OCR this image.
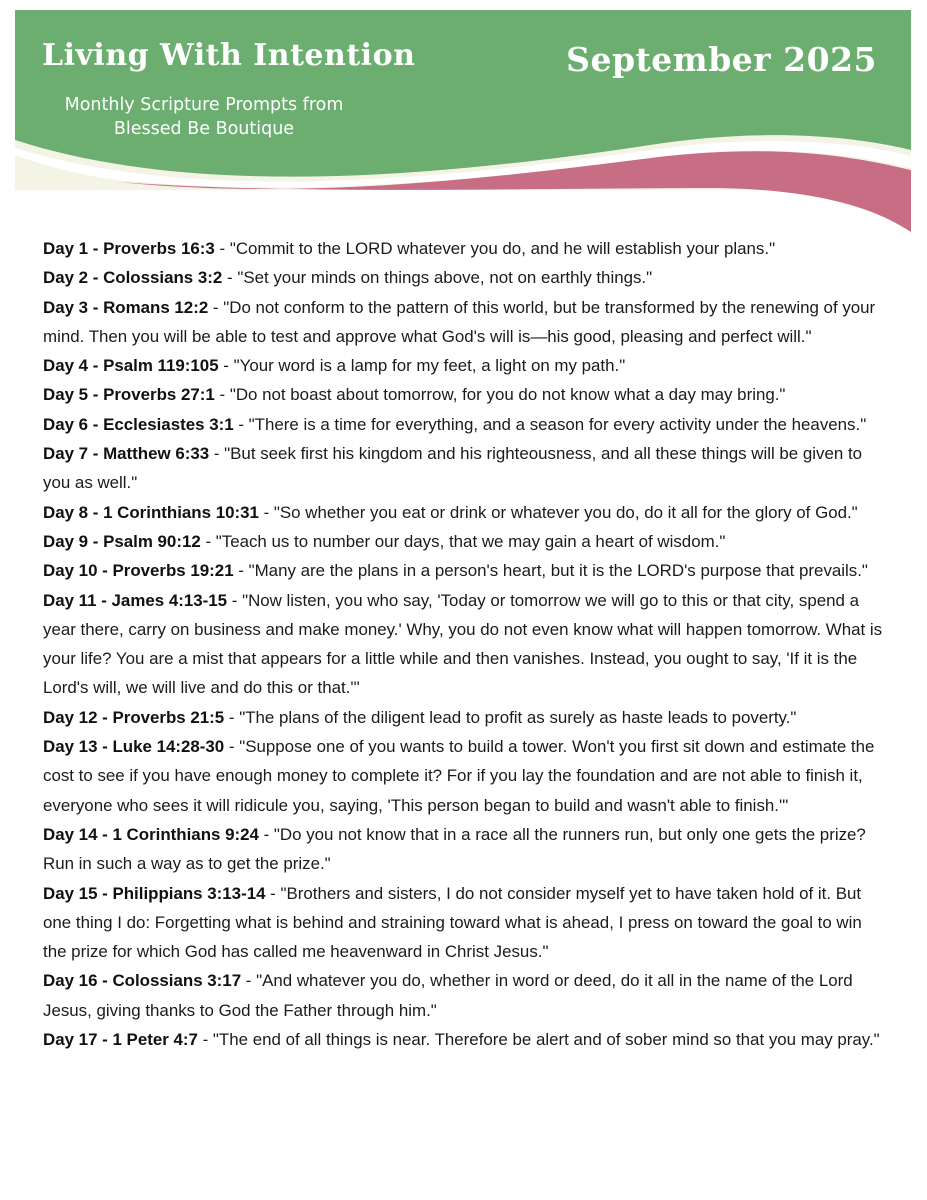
Living With Intention	September 2025
Monthly Scripture Prompts from Blessed Be Boutique

Day 1 - Proverbs 16:3 - "Commit to the LORD whatever you do, and he will establish your plans."

Day 2 - Colossians 3:2 - "Set your minds on things above, not on earthly things."

Day 3 - Romans 12:2 - "Do not conform to the pattern of this world, but be transformed by the renewing of your mind. Then you will be able to test and approve what God's will is—his good, pleasing and perfect will."

Day 4 - Psalm 119:105 - "Your word is a lamp for my feet, a light on my path."

Day 5 - Proverbs 27:1 - "Do not boast about tomorrow, for you do not know what a day may bring."

Day 6 - Ecclesiastes 3:1 - "There is a time for everything, and a season for every activity under the heavens."

Day 7 - Matthew 6:33 - "But seek first his kingdom and his righteousness, and all these things will be given to you as well."

Day 8 - 1 Corinthians 10:31 - "So whether you eat or drink or whatever you do, do it all for the glory of God."

Day 9 - Psalm 90:12 - "Teach us to number our days, that we may gain a heart of wisdom."

Day 10 - Proverbs 19:21 - "Many are the plans in a person's heart, but it is the LORD's purpose that prevails."

Day 11 - James 4:13-15 - "Now listen, you who say, 'Today or tomorrow we will go to this or that city, spend a year there, carry on business and make money.' Why, you do not even know what will happen tomorrow. What is your life? You are a mist that appears for a little while and then vanishes. Instead, you ought to say, 'If it is the Lord's will, we will live and do this or that.'"

Day 12 - Proverbs 21:5 - "The plans of the diligent lead to profit as surely as haste leads to poverty."

Day 13 - Luke 14:28-30 - "Suppose one of you wants to build a tower. Won't you first sit down and estimate the cost to see if you have enough money to complete it? For if you lay the foundation and are not able to finish it, everyone who sees it will ridicule you, saying, 'This person began to build and wasn't able to finish.'"

Day 14 - 1 Corinthians 9:24 - "Do you not know that in a race all the runners run, but only one gets the prize? Run in such a way as to get the prize."

Day 15 - Philippians 3:13-14 - "Brothers and sisters, I do not consider myself yet to have taken hold of it. But one thing I do: Forgetting what is behind and straining toward what is ahead, I press on toward the goal to win the prize for which God has called me heavenward in Christ Jesus."

Day 16 - Colossians 3:17 - "And whatever you do, whether in word or deed, do it all in the name of the Lord Jesus, giving thanks to God the Father through him."

Day 17 - 1 Peter 4:7 - "The end of all things is near. Therefore be alert and of sober mind so that you may pray."
